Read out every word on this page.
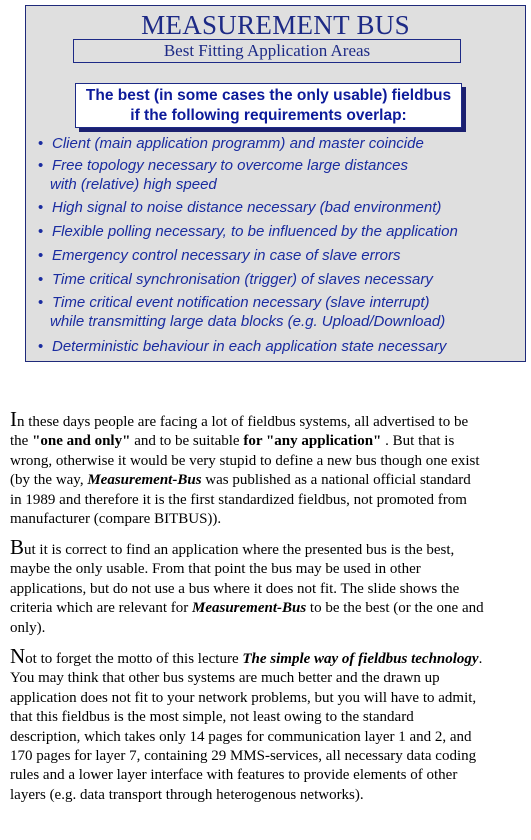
MEASUREMENT BUS
Best Fitting Application Areas
The best (in some cases the only usable) fieldbus
if the following requirements overlap:
• Client (main application programm) and master coincide
• Free topology necessary to overcome large distances
with (relative) high speed
• High signal to noise distance necessary (bad environment)
• Flexible polling necessary, to be influenced by the application
• Emergency control necessary in case of slave errors
• Time critical synchronisation (trigger) of slaves necessary
• Time critical event notification necessary (slave interrupt)
while transmitting large data blocks (e.g. Upload/Download)
• Deterministic behaviour in each application state necessary
In these days people are facing a lot of fieldbus systems, all advertised to be
the "one and only" and to be suitable for "any application" . But that is
wrong, otherwise it would be very stupid to define a new bus though one exist
(by the way, Measurement-Bus was published as a national official standard
in 1989 and therefore it is the first standardized fieldbus, not promoted from
manufacturer (compare BITBUS)).
But it is correct to find an application where the presented bus is the best,
maybe the only usable. From that point the bus may be used in other
applications, but do not use a bus where it does not fit. The slide shows the
criteria which are relevant for Measurement-Bus to be the best (or the one and
only).
Not to forget the motto of this lecture The simple way of fieldbus technology.
You may think that other bus systems are much better and the drawn up
application does not fit to your network problems, but you will have to admit,
that this fieldbus is the most simple, not least owing to the standard
description, which takes only 14 pages for communication layer 1 and 2, and
170 pages for layer 7, containing 29 MMS-services, all necessary data coding
rules and a lower layer interface with features to provide elements of other
layers (e.g. data transport through heterogenous networks).
